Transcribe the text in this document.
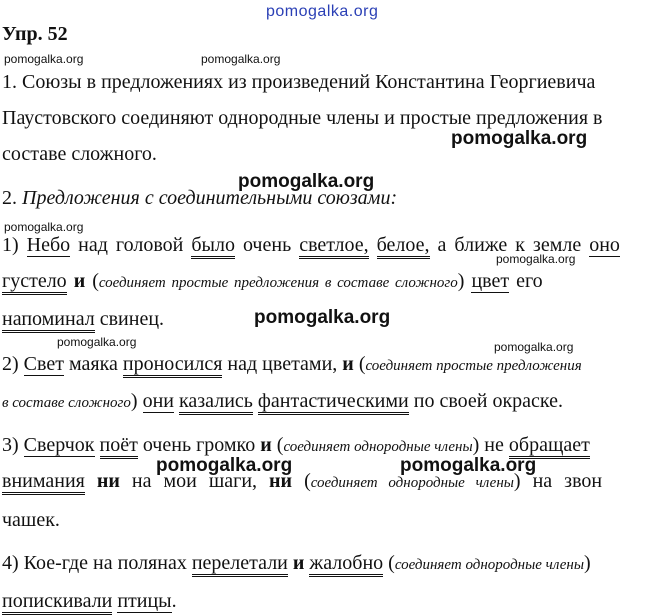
pomogalka.org
pomogalka.org	pomogalka.org
pomogalka.org
pomogalka.org
pomogalka.org
pomogalka.org
pomogalka.org
pomogalka.org	pomogalka.org
pomogalka.org	pomogalka.org
Упр. 52
1. Союзы в предложениях из произведений Константина Георгиевича
Паустовского соединяют однородные члены и простые предложения в
составе сложного.
2. Предложения с соединительными союзами:
1) Небо над головой было очень светлое, белое, а ближе к земле оно
густело и (соединяет простые предложения в составе сложного) цвет его
напоминал свинец.
2) Свет маяка проносился над цветами, и (соединяет простые предложения
в составе сложного) они казались фантастическими по своей окраске.
3) Сверчок поёт очень громко и (соединяет однородные члены) не обращает
внимания ни на мои шаги, ни (соединяет однородные члены) на звон
чашек.
4) Кое-где на полянах перелетали и жалобно (соединяет однородные члены)
попискивали птицы.
